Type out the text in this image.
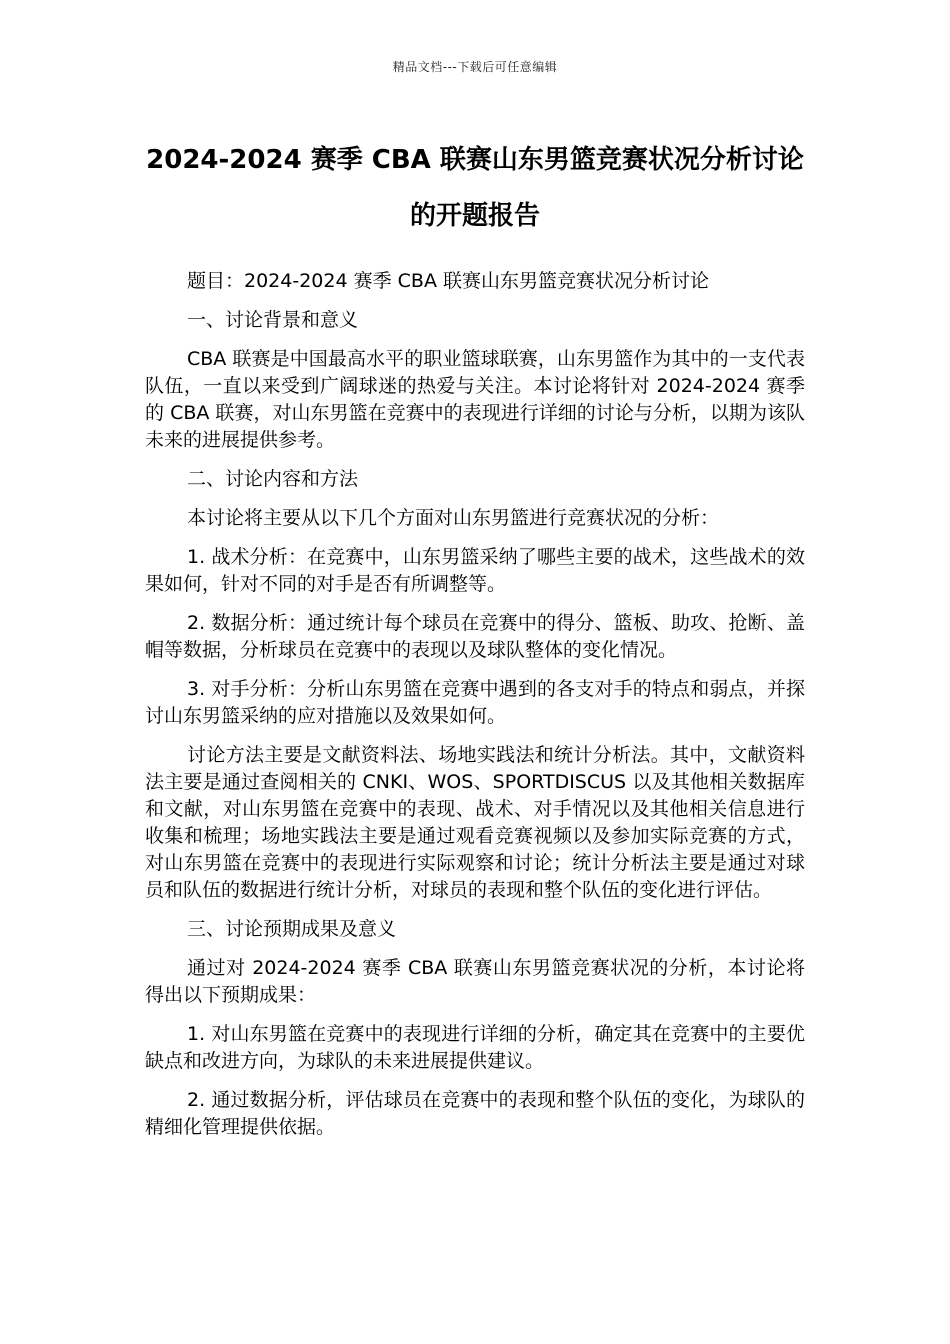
精品文档---下载后可任意编辑
2024-2024 赛季 CBA 联赛山东男篮竞赛状况分析讨论的开题报告

题目：2024-2024 赛季 CBA 联赛山东男篮竞赛状况分析讨论

一、讨论背景和意义

CBA 联赛是中国最高水平的职业篮球联赛，山东男篮作为其中的一支代表队伍，一直以来受到广阔球迷的热爱与关注。本讨论将针对 2024-2024 赛季的 CBA 联赛，对山东男篮在竞赛中的表现进行详细的讨论与分析，以期为该队未来的进展提供参考。

二、讨论内容和方法

本讨论将主要从以下几个方面对山东男篮进行竞赛状况的分析：

1. 战术分析：在竞赛中，山东男篮采纳了哪些主要的战术，这些战术的效果如何，针对不同的对手是否有所调整等。

2. 数据分析：通过统计每个球员在竞赛中的得分、篮板、助攻、抢断、盖帽等数据，分析球员在竞赛中的表现以及球队整体的变化情况。

3. 对手分析：分析山东男篮在竞赛中遇到的各支对手的特点和弱点，并探讨山东男篮采纳的应对措施以及效果如何。

讨论方法主要是文献资料法、场地实践法和统计分析法。其中，文献资料法主要是通过查阅相关的 CNKI、WOS、SPORTDISCUS 以及其他相关数据库和文献，对山东男篮在竞赛中的表现、战术、对手情况以及其他相关信息进行收集和梳理；场地实践法主要是通过观看竞赛视频以及参加实际竞赛的方式，对山东男篮在竞赛中的表现进行实际观察和讨论；统计分析法主要是通过对球员和队伍的数据进行统计分析，对球员的表现和整个队伍的变化进行评估。

三、讨论预期成果及意义

通过对 2024-2024 赛季 CBA 联赛山东男篮竞赛状况的分析，本讨论将得出以下预期成果：

1. 对山东男篮在竞赛中的表现进行详细的分析，确定其在竞赛中的主要优缺点和改进方向，为球队的未来进展提供建议。

2. 通过数据分析，评估球员在竞赛中的表现和整个队伍的变化，为球队的精细化管理提供依据。
